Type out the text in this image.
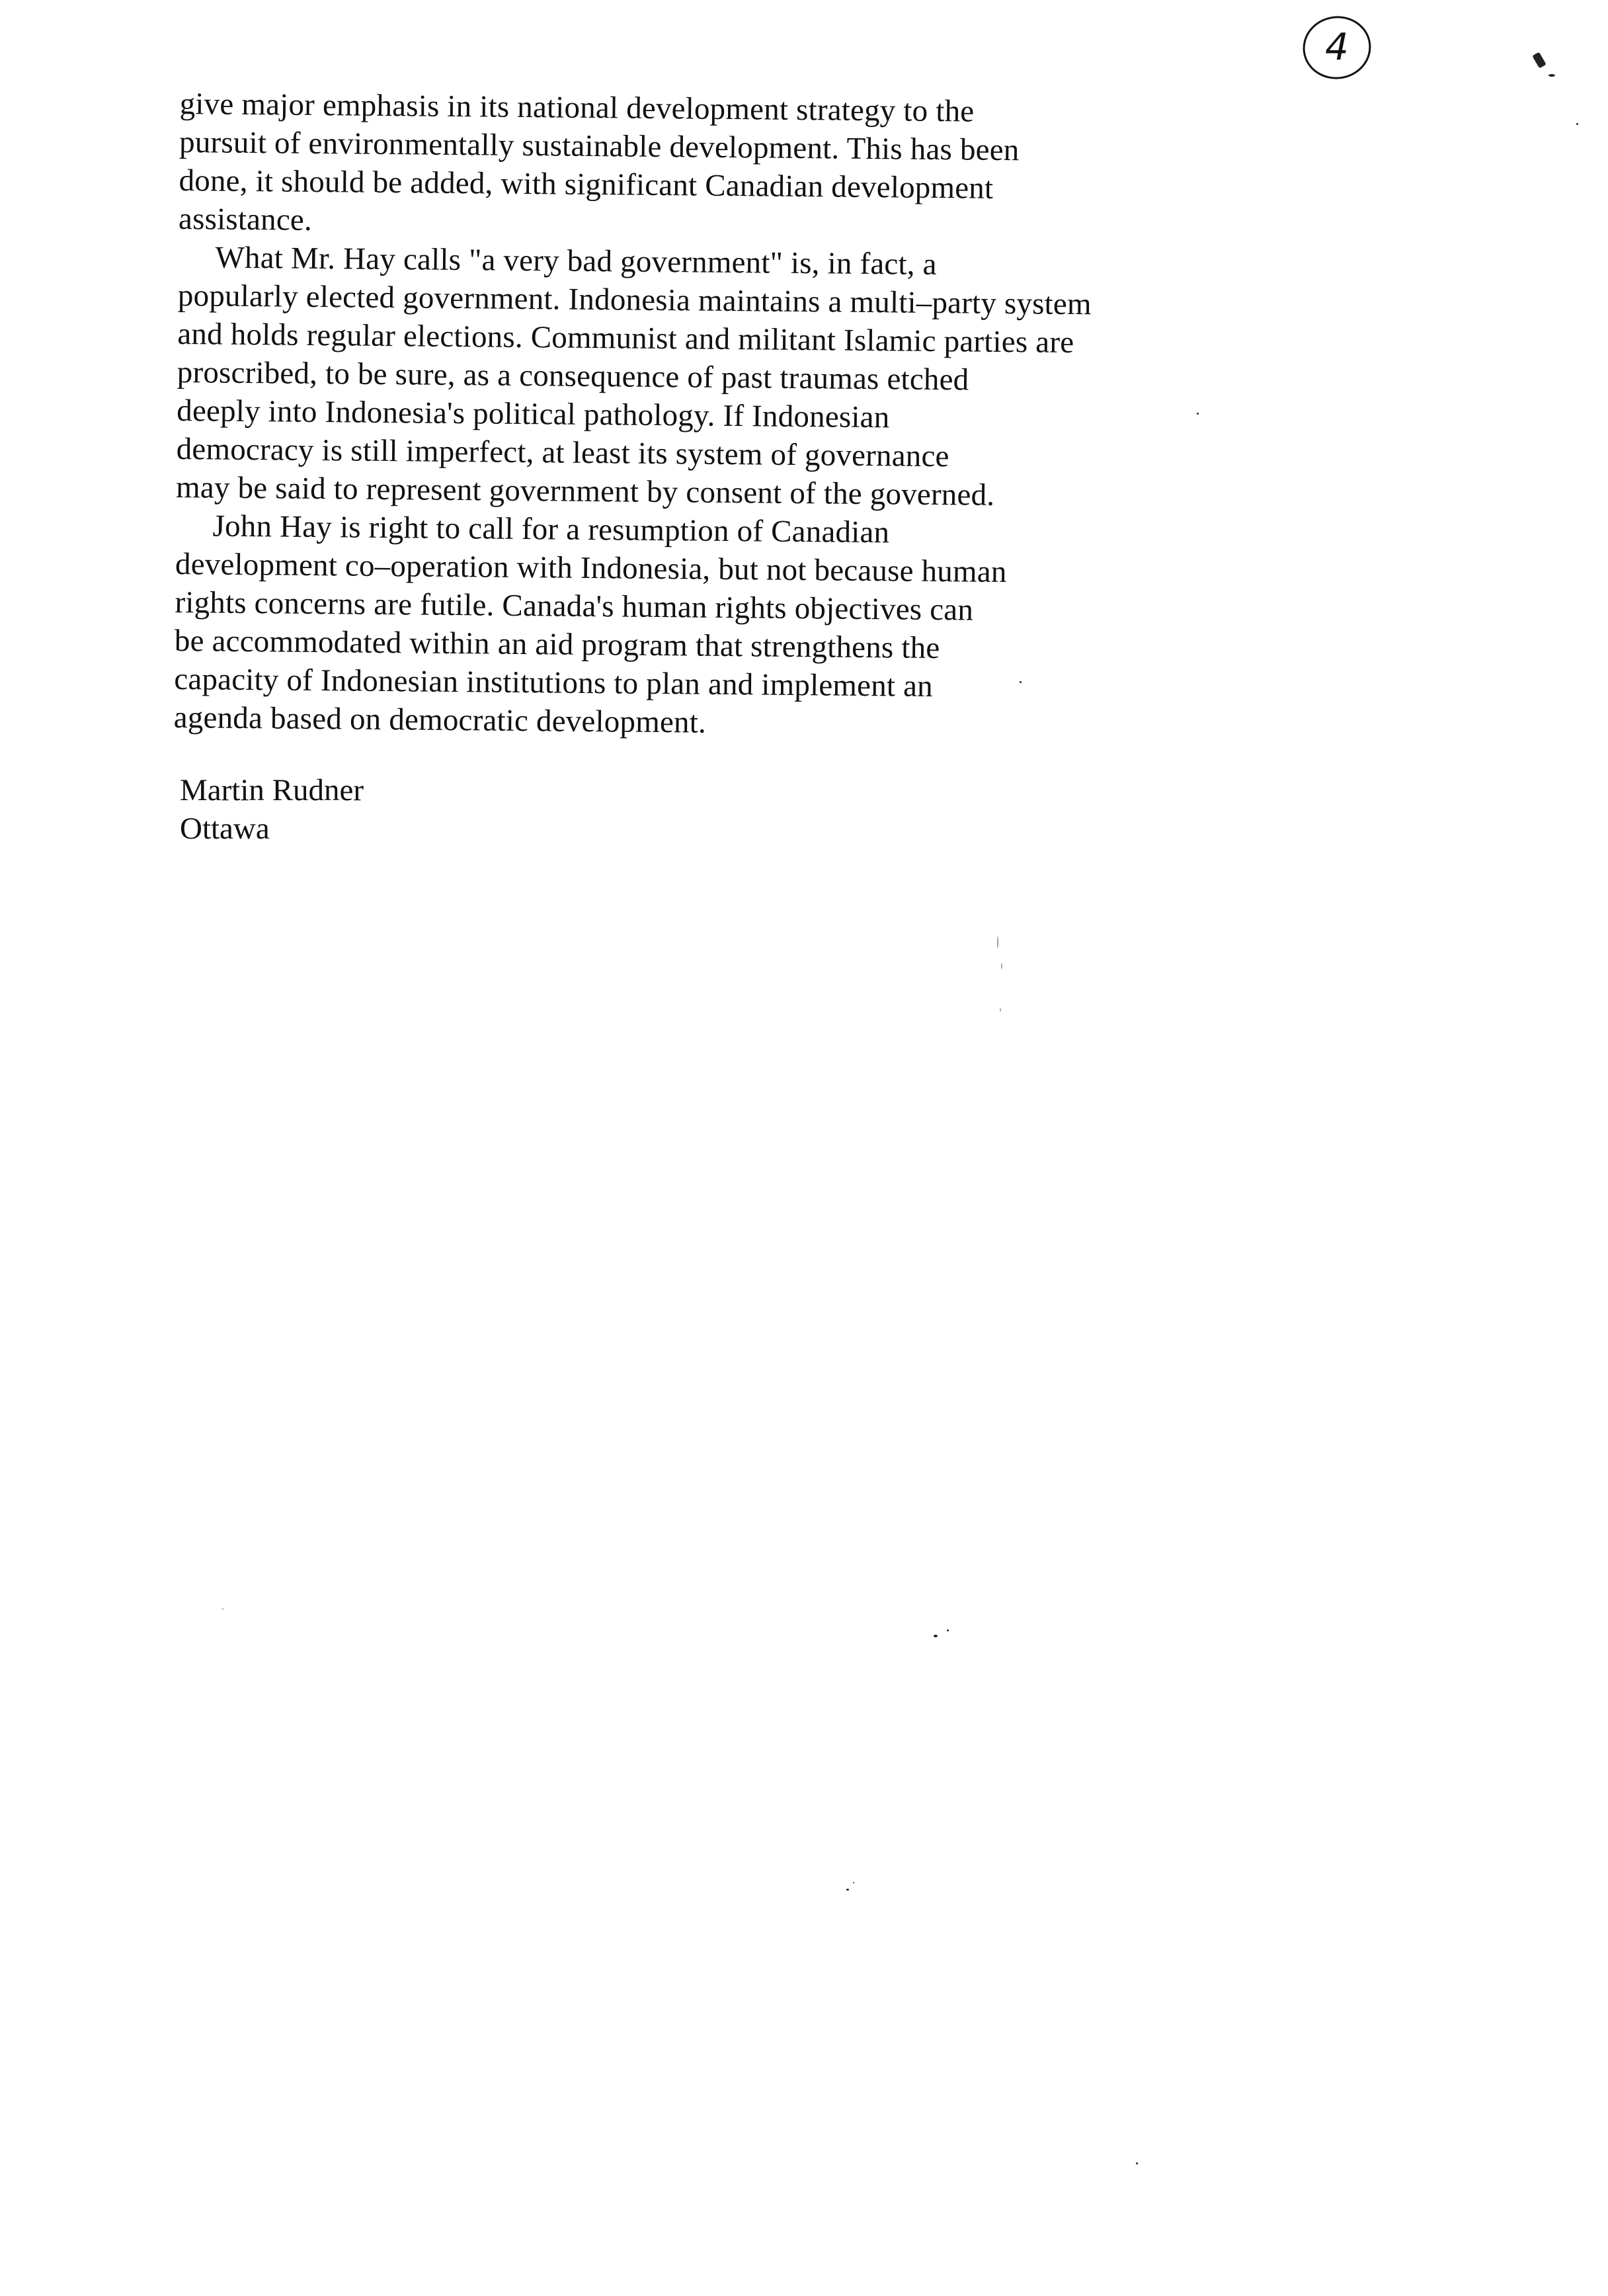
4
give major emphasis in its national development strategy to the
pursuit of environmentally sustainable development. This has been
done, it should be added, with significant Canadian development
assistance.
What Mr. Hay calls "a very bad government" is, in fact, a
popularly elected government. Indonesia maintains a multi–party system
and holds regular elections. Communist and militant Islamic parties are
proscribed, to be sure, as a consequence of past traumas etched
deeply into Indonesia's political pathology. If Indonesian
democracy is still imperfect, at least its system of governance
may be said to represent government by consent of the governed.
John Hay is right to call for a resumption of Canadian
development co–operation with Indonesia, but not because human
rights concerns are futile. Canada's human rights objectives can
be accommodated within an aid program that strengthens the
capacity of Indonesian institutions to plan and implement an
agenda based on democratic development.
Martin Rudner
Ottawa
